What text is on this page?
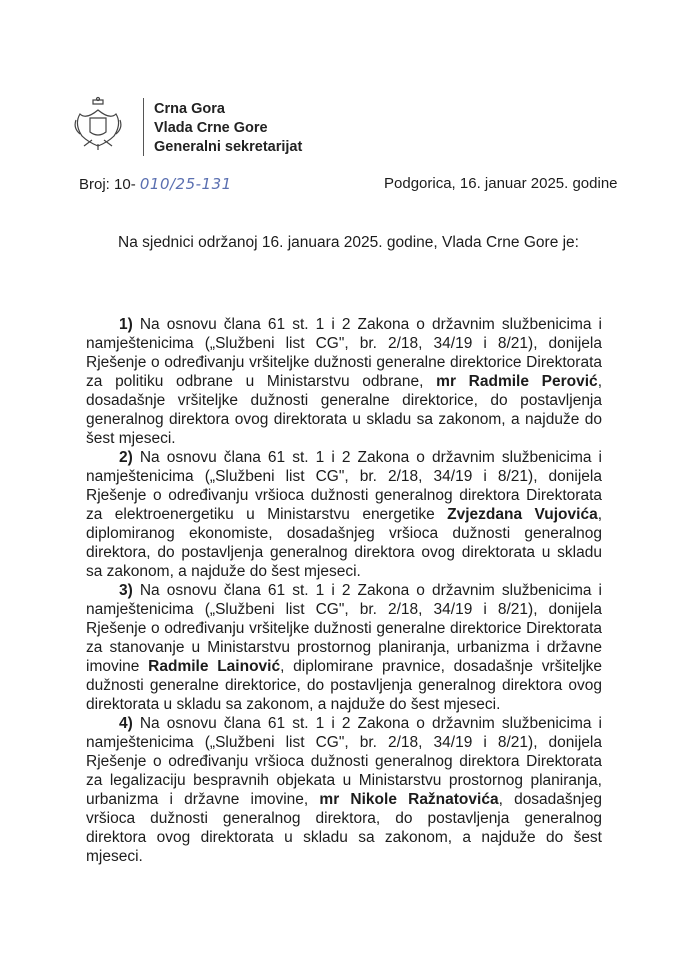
Crna Gora
Vlada Crne Gore
Generalni sekretarijat
Broj: 10- 010/25-131	Podgorica, 16. januar 2025. godine
Na sjednici održanoj 16. januara 2025. godine, Vlada Crne Gore je:

1) Na osnovu člana 61 st. 1 i 2 Zakona o državnim službenicima i namještenicima („Službeni list CG", br. 2/18, 34/19 i 8/21), donijela Rješenje o određivanju vršiteljke dužnosti generalne direktorice Direktorata za politiku odbrane u Ministarstvu odbrane, mr Radmile Perović, dosadašnje vršiteljke dužnosti generalne direktorice, do postavljenja generalnog direktora ovog direktorata u skladu sa zakonom, a najduže do šest mjeseci.

2) Na osnovu člana 61 st. 1 i 2 Zakona o državnim službenicima i namještenicima („Službeni list CG", br. 2/18, 34/19 i 8/21), donijela Rješenje o određivanju vršioca dužnosti generalnog direktora Direktorata za elektroenergetiku u Ministarstvu energetike Zvjezdana Vujovića, diplomiranog ekonomiste, dosadašnjeg vršioca dužnosti generalnog direktora, do postavljenja generalnog direktora ovog direktorata u skladu sa zakonom, a najduže do šest mjeseci.

3) Na osnovu člana 61 st. 1 i 2 Zakona o državnim službenicima i namještenicima („Službeni list CG", br. 2/18, 34/19 i 8/21), donijela Rješenje o određivanju vršiteljke dužnosti generalne direktorice Direktorata za stanovanje u Ministarstvu prostornog planiranja, urbanizma i državne imovine Radmile Lainović, diplomirane pravnice, dosadašnje vršiteljke dužnosti generalne direktorice, do postavljenja generalnog direktora ovog direktorata u skladu sa zakonom, a najduže do šest mjeseci.

4) Na osnovu člana 61 st. 1 i 2 Zakona o državnim službenicima i namještenicima („Službeni list CG", br. 2/18, 34/19 i 8/21), donijela Rješenje o određivanju vršioca dužnosti generalnog direktora Direktorata za legalizaciju bespravnih objekata u Ministarstvu prostornog planiranja, urbanizma i državne imovine, mr Nikole Ražnatovića, dosadašnjeg vršioca dužnosti generalnog direktora, do postavljenja generalnog direktora ovog direktorata u skladu sa zakonom, a najduže do šest mjeseci.
